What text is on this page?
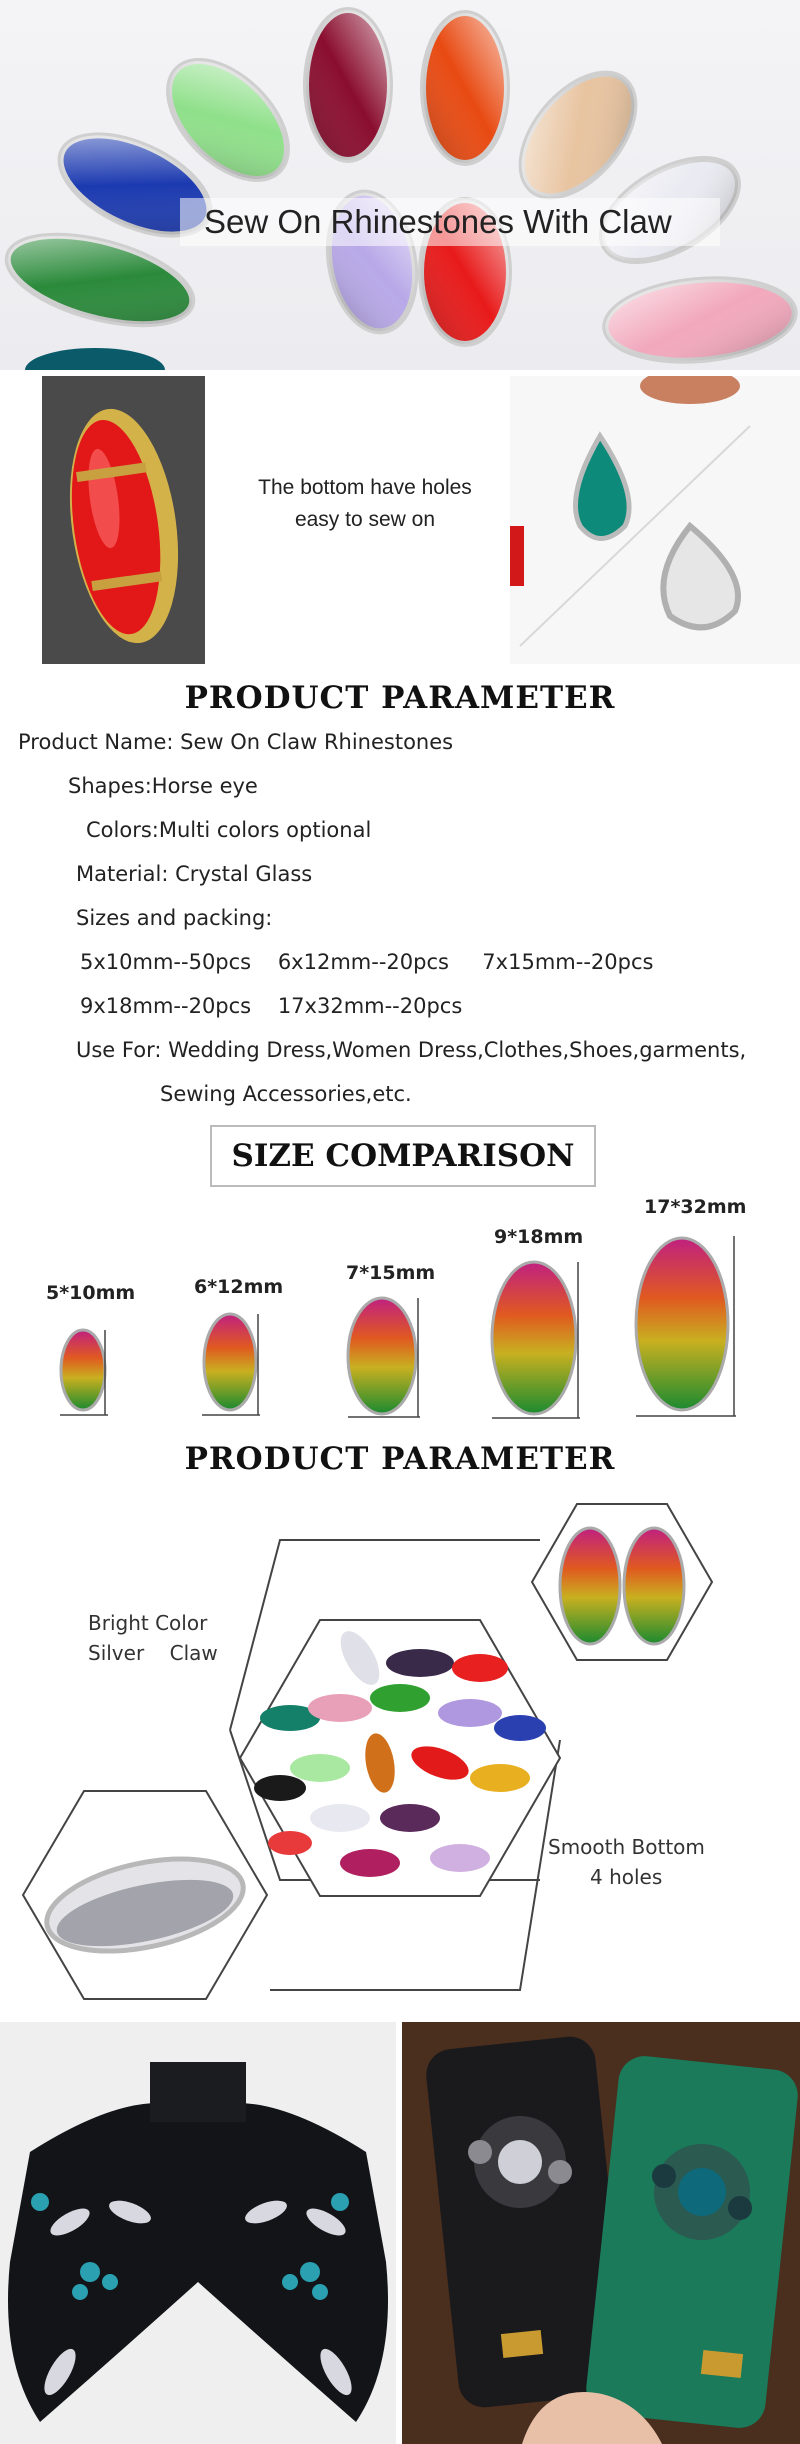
Sew On Rhinestones With Claw
The bottom have holes
easy to sew on
PRODUCT PARAMETER
Product Name: Sew On Claw Rhinestones
Shapes:Horse eye
Colors:Multi colors optional
Material: Crystal Glass
Sizes and packing:
5x10mm--50pcs    6x12mm--20pcs     7x15mm--20pcs
9x18mm--20pcs    17x32mm--20pcs
Use For: Wedding Dress,Women Dress,Clothes,Shoes,garments,
Sewing Accessories,etc.
SIZE COMPARISON
5*10mm	6*12mm
7*15mm
9*18mm
17*32mm
PRODUCT PARAMETER
Bright Color
Silver    Claw
Smooth Bottom
4 holes
